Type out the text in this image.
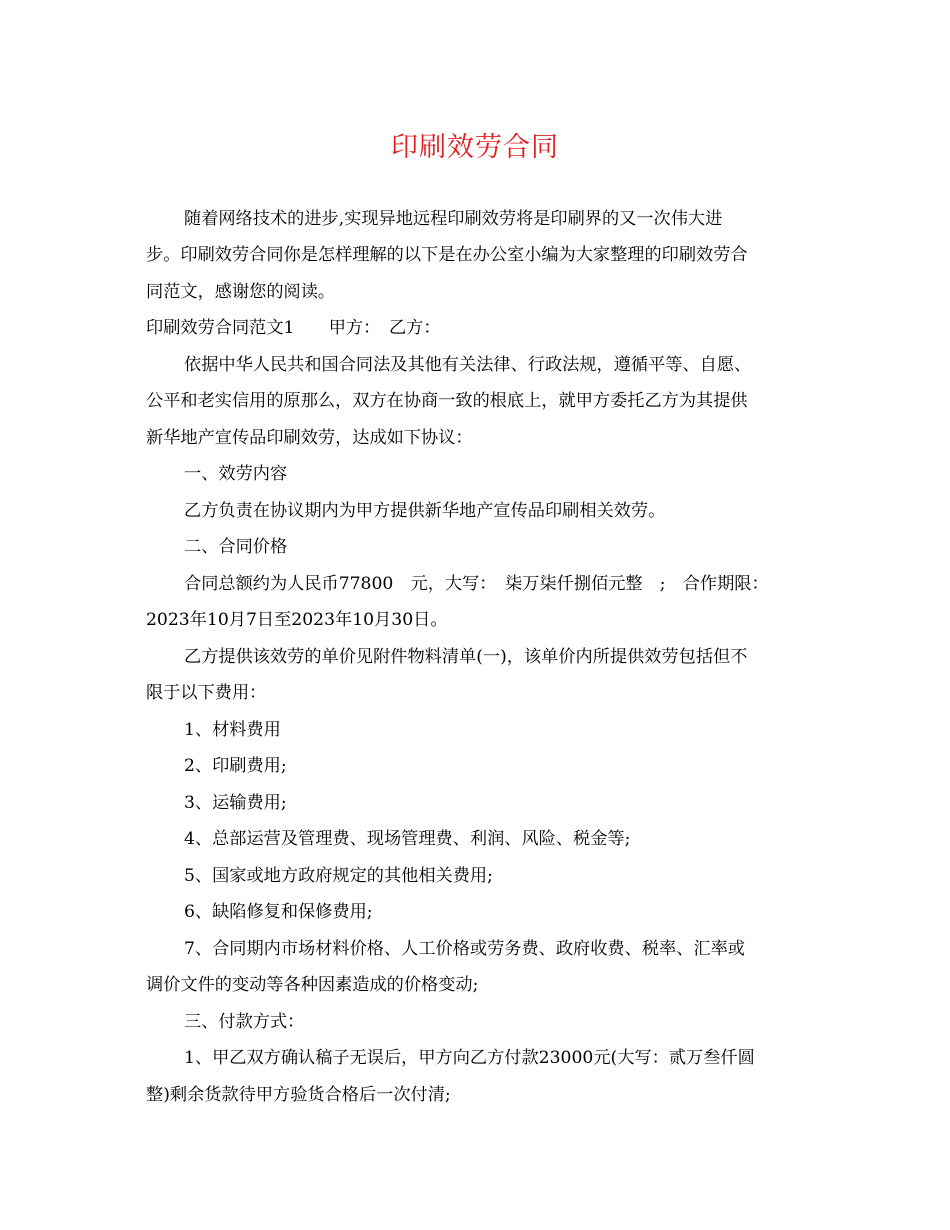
印刷效劳合同
随着网络技术的进步,实现异地远程印刷效劳将是印刷界的又一次伟大进
步。印刷效劳合同你是怎样理解的以下是在办公室小编为大家整理的印刷效劳合
同范文，感谢您的阅读。
印刷效劳合同范文1　　甲方：　乙方：
依据中华人民共和国合同法及其他有关法律、行政法规，遵循平等、自愿、
公平和老实信用的原那么，双方在协商一致的根底上，就甲方委托乙方为其提供
新华地产宣传品印刷效劳，达成如下协议：
一、效劳内容
乙方负责在协议期内为甲方提供新华地产宣传品印刷相关效劳。
二、合同价格
合同总额约为人民币77800　元，大写：　柒万柒仟捌佰元整　;　合作期限：
2023年10月7日至2023年10月30日。
乙方提供该效劳的单价见附件物料清单(一)，该单价内所提供效劳包括但不
限于以下费用：
1、材料费用
2、印刷费用;
3、运输费用;
4、总部运营及管理费、现场管理费、利润、风险、税金等;
5、国家或地方政府规定的其他相关费用;
6、缺陷修复和保修费用;
7、合同期内市场材料价格、人工价格或劳务费、政府收费、税率、汇率或
调价文件的变动等各种因素造成的价格变动;
三、付款方式：
1、甲乙双方确认稿子无误后，甲方向乙方付款23000元(大写：贰万叁仟圆
整)剩余货款待甲方验货合格后一次付清;
